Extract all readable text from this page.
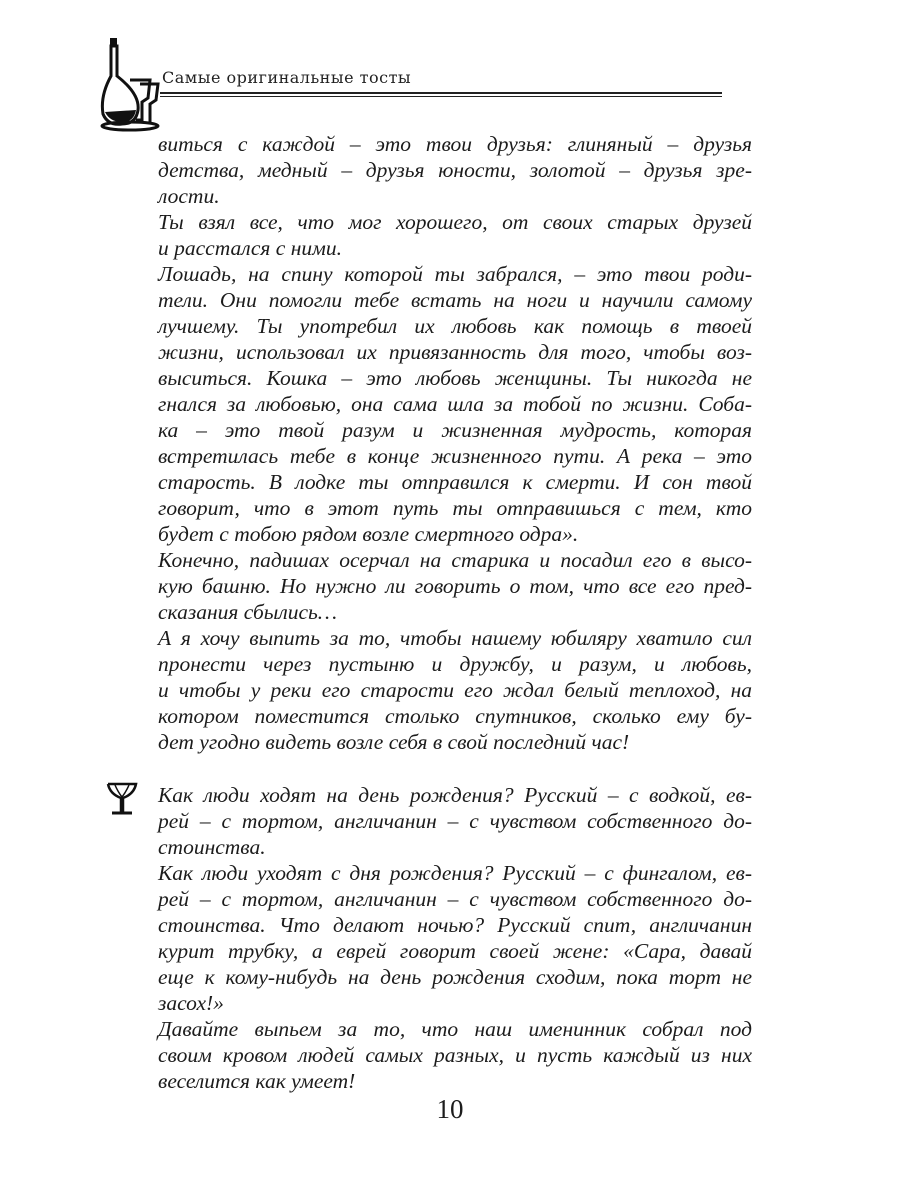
Самые оригинальные тосты
виться с каждой – это твои друзья: глиняный – друзья
детства, медный – друзья юности, золотой – друзья зре-
лости.
Ты взял все, что мог хорошего, от своих старых друзей
и расстался с ними.
Лошадь, на спину которой ты забрался, – это твои роди-
тели. Они помогли тебе встать на ноги и научили самому
лучшему. Ты употребил их любовь как помощь в твоей
жизни, использовал их привязанность для того, чтобы воз-
выситься. Кошка – это любовь женщины. Ты никогда не
гнался за любовью, она сама шла за тобой по жизни. Соба-
ка – это твой разум и жизненная мудрость, которая
встретилась тебе в конце жизненного пути. А река – это
старость. В лодке ты отправился к смерти. И сон твой
говорит, что в этот путь ты отправишься с тем, кто
будет с тобою рядом возле смертного одра».
Конечно, падишах осерчал на старика и посадил его в высо-
кую башню. Но нужно ли говорить о том, что все его пред-
сказания сбылись…
А я хочу выпить за то, чтобы нашему юбиляру хватило сил
пронести через пустыню и дружбу, и разум, и любовь,
и чтобы у реки его старости его ждал белый теплоход, на
котором поместится столько спутников, сколько ему бу-
дет угодно видеть возле себя в свой последний час!
Как люди ходят на день рождения? Русский – с водкой, ев-
рей – с тортом, англичанин – с чувством собственного до-
стоинства.
Как люди уходят с дня рождения? Русский – с фингалом, ев-
рей – с тортом, англичанин – с чувством собственного до-
стоинства. Что делают ночью? Русский спит, англичанин
курит трубку, а еврей говорит своей жене: «Сара, давай
еще к кому-нибудь на день рождения сходим, пока торт не
засох!»
Давайте выпьем за то, что наш именинник собрал под
своим кровом людей самых разных, и пусть каждый из них
веселится как умеет!
10
